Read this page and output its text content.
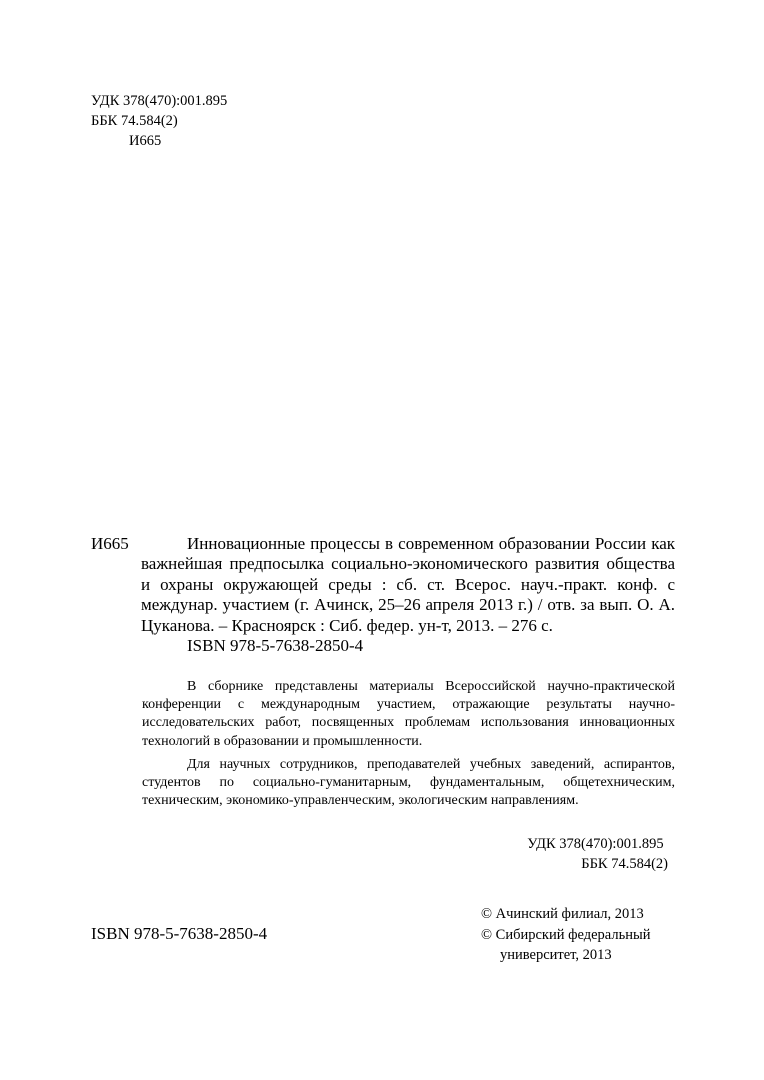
УДК 378(470):001.895
ББК 74.584(2)
И665
И665	Инновационные процессы в современном образовании России как важнейшая предпосылка социально-экономического развития общества и охраны окружающей среды : сб. ст. Всерос. науч.-практ. конф. с междунар. участием (г. Ачинск, 25–26 апреля 2013 г.) / отв. за вып. О. А. Цуканова. – Красноярск : Сиб. федер. ун-т, 2013. – 276 с.
ISBN 978-5-7638-2850-4

В сборнике представлены материалы Всероссийской научно-практической конференции с международным участием, отражающие результаты научно-исследовательских работ, посвященных проблемам использования инновационных технологий в образовании и промышленности.

Для научных сотрудников, преподавателей учебных заведений, аспирантов, студентов по социально-гуманитарным, фундаментальным, общетехническим, техническим, экономико-управленческим, экологическим направлениям.

УДК 378(470):001.895
ББК 74.584(2)
ISBN 978-5-7638-2850-4
© Ачинский филиал, 2013
© Сибирский федеральный
университет, 2013
